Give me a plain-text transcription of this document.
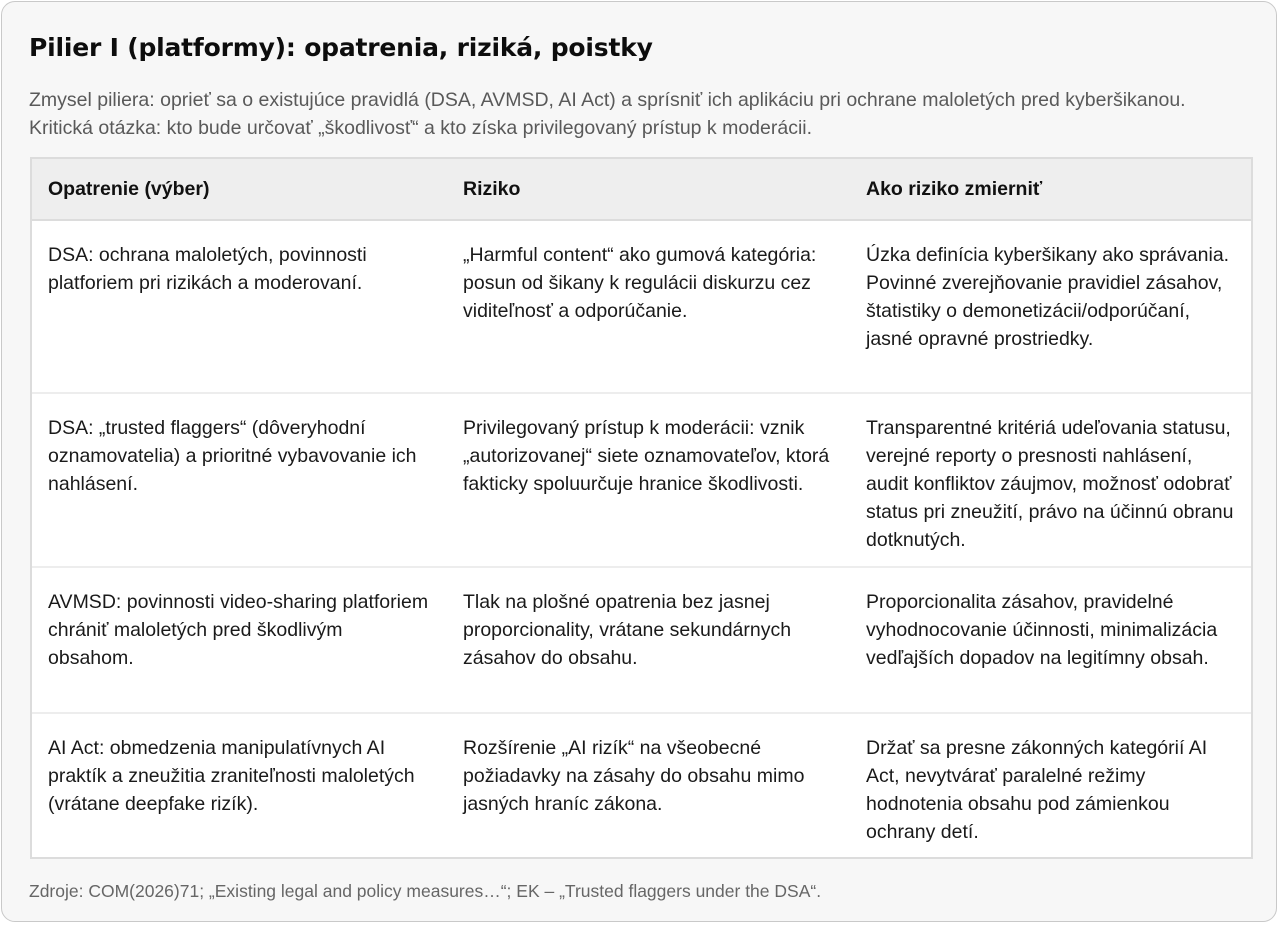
Pilier I (platformy): opatrenia, riziká, poistky

Zmysel piliera: oprieť sa o existujúce pravidlá (DSA, AVMSD, AI Act) a sprísniť ich aplikáciu pri ochrane maloletých pred kyberšikanou. Kritická otázka: kto bude určovať „škodlivosť“ a kto získa privilegovaný prístup k moderácii.

Opatrenie (výber)	Riziko	Ako riziko zmierniť
DSA: ochrana maloletých, povinnosti platforiem pri rizikách a moderovaní.	„Harmful content“ ako gumová kategória: posun od šikany k regulácii diskurzu cez viditeľnosť a odporúčanie.	Úzka definícia kyberšikany ako správania. Povinné zverejňovanie pravidiel zásahov, štatistiky o demonetizácii/odporúčaní, jasné opravné prostriedky.
DSA: „trusted flaggers“ (dôveryhodní oznamovatelia) a prioritné vybavovanie ich nahlásení.	Privilegovaný prístup k moderácii: vznik „autorizovanej“ siete oznamovateľov, ktorá fakticky spoluurčuje hranice škodlivosti.	Transparentné kritériá udeľovania statusu, verejné reporty o presnosti nahlásení, audit konfliktov záujmov, možnosť odobrať status pri zneužití, právo na účinnú obranu dotknutých.
AVMSD: povinnosti video-sharing platforiem chrániť maloletých pred škodlivým obsahom.	Tlak na plošné opatrenia bez jasnej proporcionality, vrátane sekundárnych zásahov do obsahu.	Proporcionalita zásahov, pravidelné vyhodnocovanie účinnosti, minimalizácia vedľajších dopadov na legitímny obsah.
AI Act: obmedzenia manipulatívnych AI praktík a zneužitia zraniteľnosti maloletých (vrátane deepfake rizík).	Rozšírenie „AI rizík“ na všeobecné požiadavky na zásahy do obsahu mimo jasných hraníc zákona.	Držať sa presne zákonných kategórií AI Act, nevytvárať paralelné režimy hodnotenia obsahu pod zámienkou ochrany detí.

Zdroje: COM(2026)71; „Existing legal and policy measures…“; EK – „Trusted flaggers under the DSA“.
